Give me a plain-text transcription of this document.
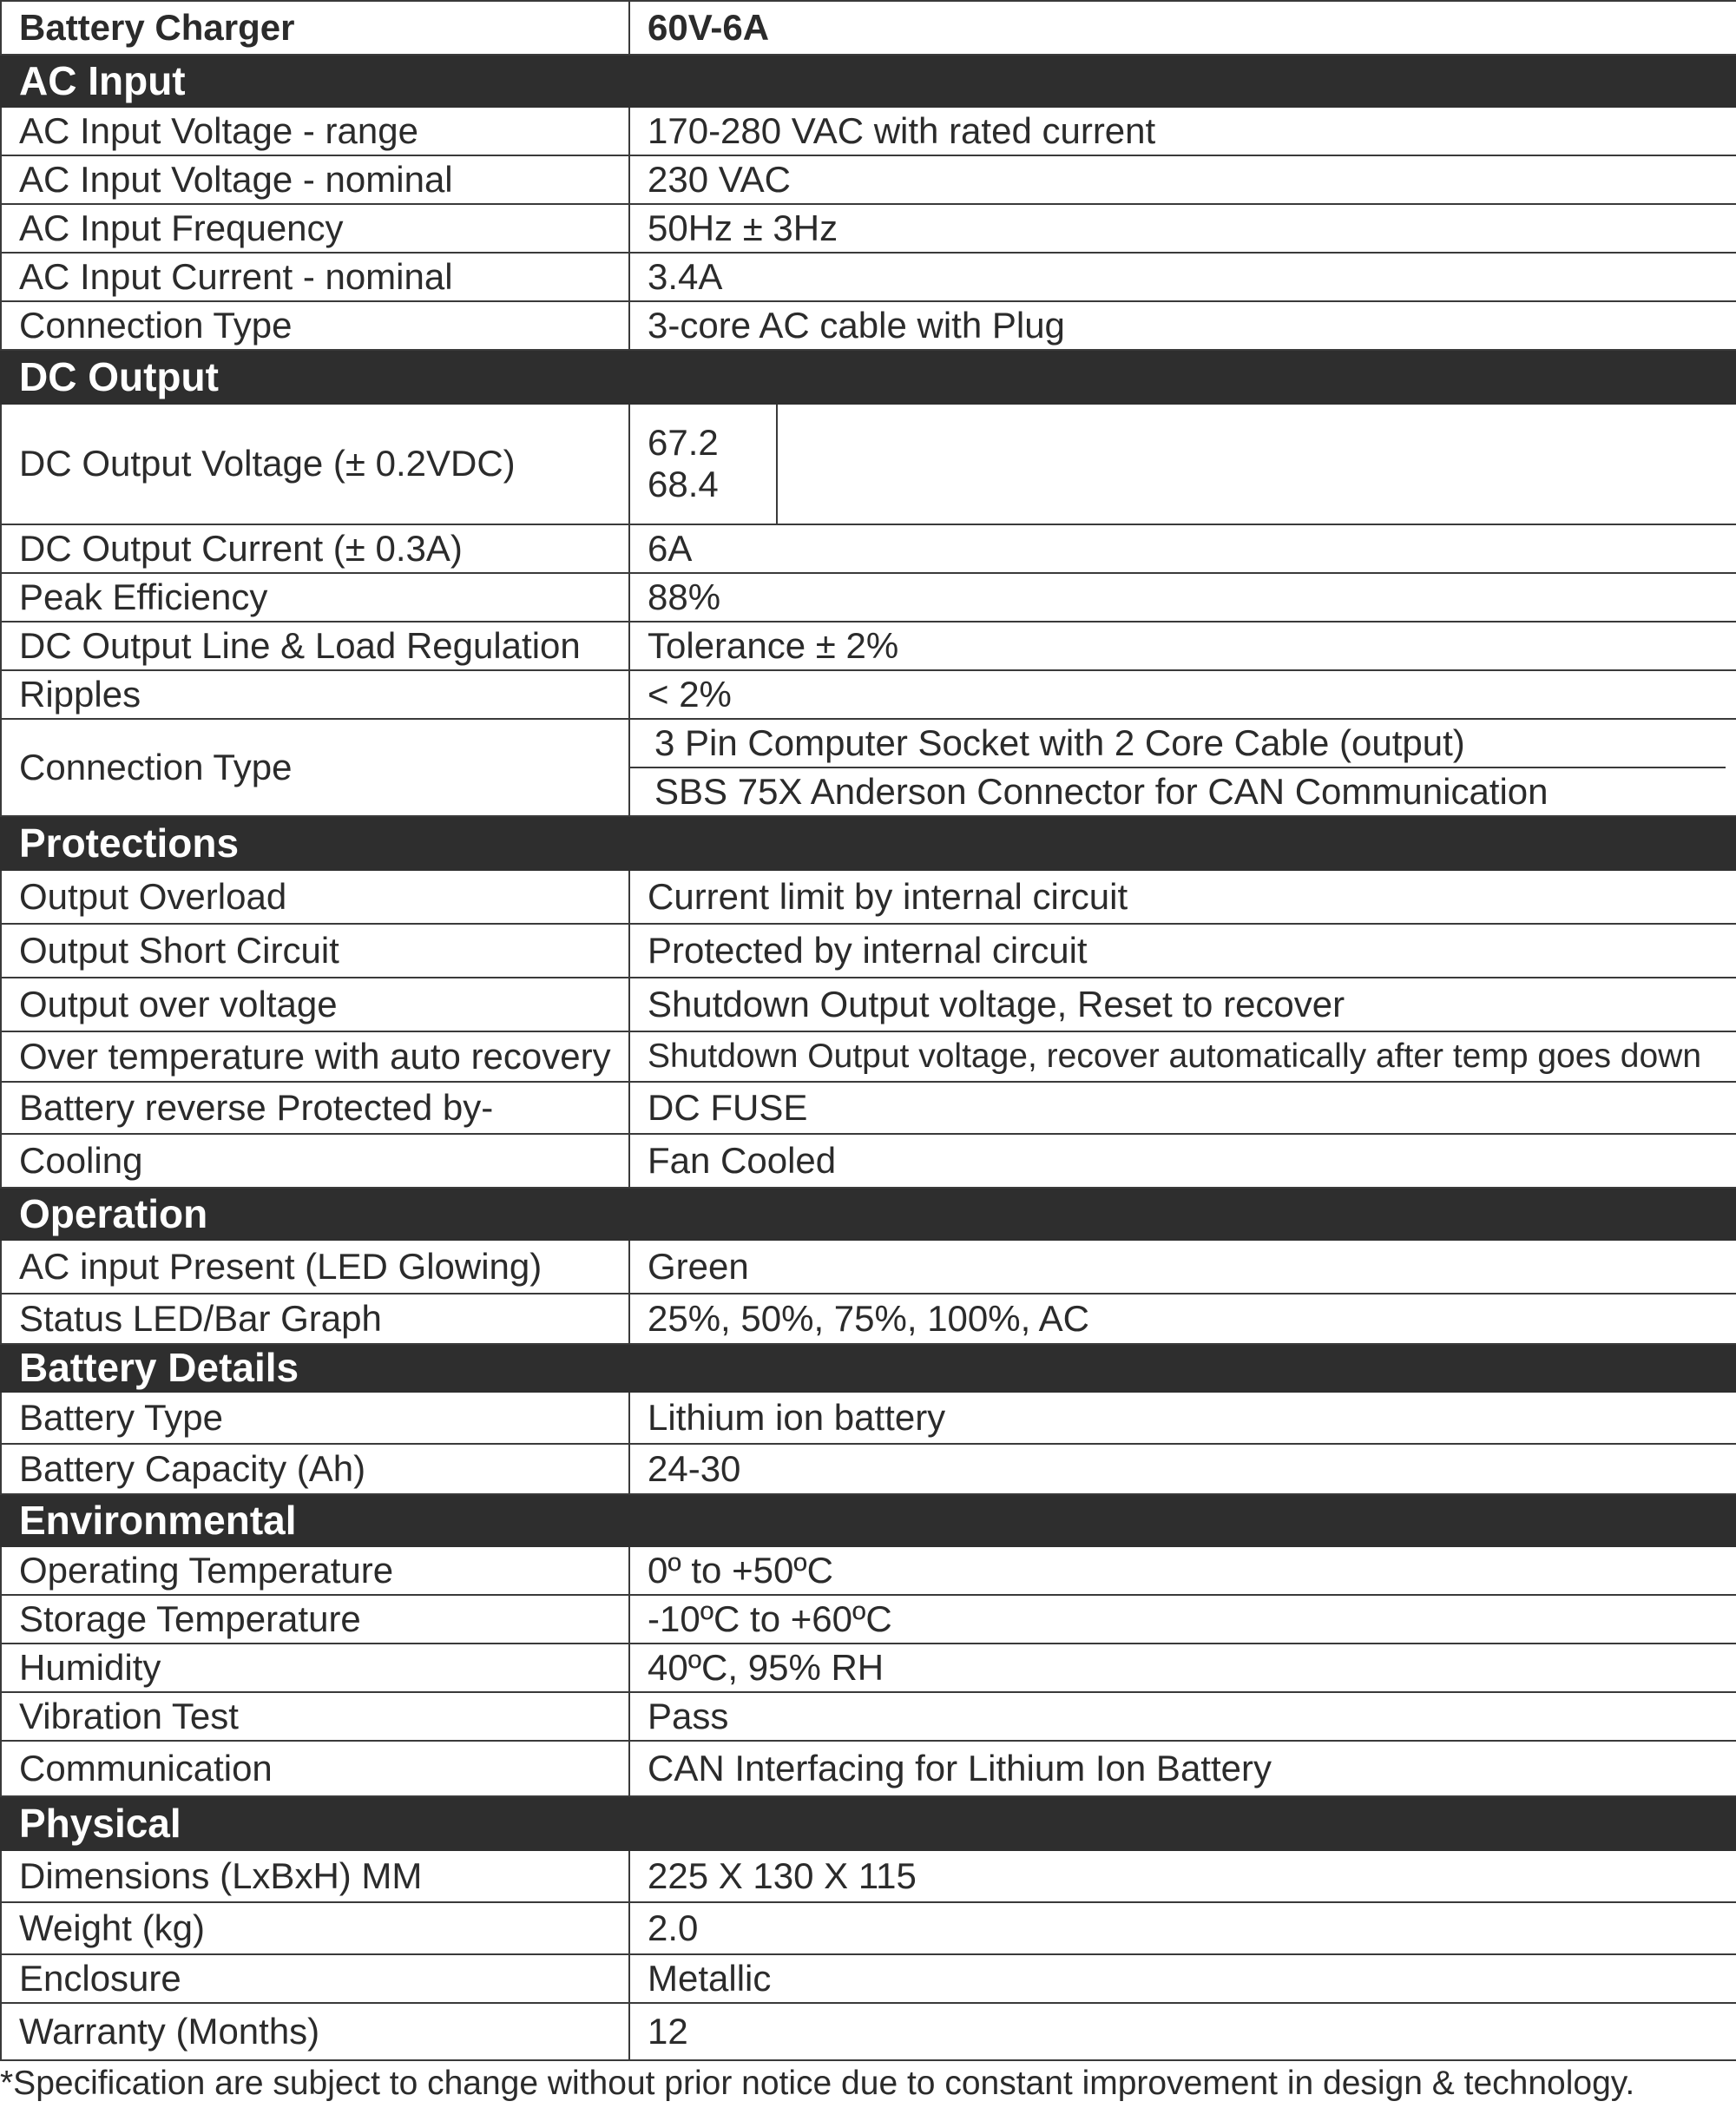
Battery Charger	60V-6A
AC Input	
AC Input Voltage - range	170-280 VAC with rated current
AC Input Voltage - nominal	230 VAC
AC Input Frequency	50Hz ± 3Hz
AC Input Current - nominal	3.4A
Connection Type	3-core AC cable with Plug
DC Output	
DC Output Voltage (± 0.2VDC)	67.2
68.4

DC Output Current (± 0.3A)	6A
Peak Efficiency	88%
DC Output Line & Load Regulation	Tolerance ± 2%
Ripples	< 2%
Connection Type	3 Pin Computer Socket with 2 Core Cable (output)
SBS 75X Anderson Connector for CAN Communication

Protections	
Output Overload	Current limit by internal circuit
Output Short Circuit	Protected by internal circuit
Output over voltage	Shutdown Output voltage, Reset to recover
Over temperature with auto recovery	Shutdown Output voltage, recover automatically after temp goes down
Battery reverse Protected by-	DC FUSE
Cooling	Fan Cooled
Operation	
AC input Present (LED Glowing)	Green
Status LED/Bar Graph	25%, 50%, 75%, 100%, AC
Battery Details	
Battery Type	Lithium ion battery
Battery Capacity (Ah)	24-30
Environmental	
Operating Temperature	0º to +50ºC
Storage Temperature	-10ºC to +60ºC
Humidity	40ºC, 95% RH
Vibration Test	Pass
Communication	CAN Interfacing for Lithium Ion Battery
Physical	
Dimensions (LxBxH) MM	225 X 130 X 115
Weight (kg)	2.0
Enclosure	Metallic
Warranty (Months)	12
*Specification are subject to change without prior notice due to constant improvement in design & technology.
